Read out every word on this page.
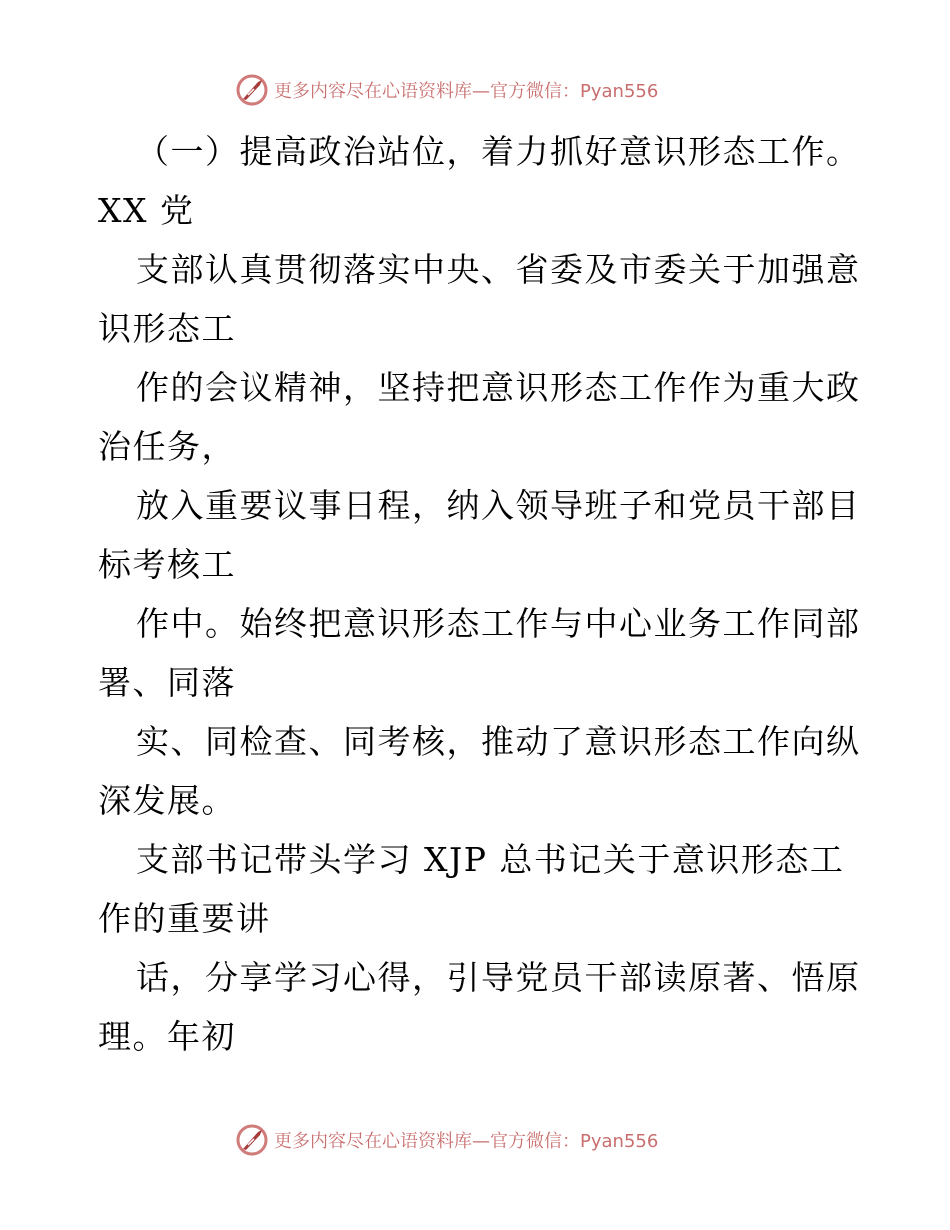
更多内容尽在心语资料库—官方微信：Pyan556
（一）提高政治站位，着力抓好意识形态工作。
XX 党
支部认真贯彻落实中央、省委及市委关于加强意
识形态工
作的会议精神，坚持把意识形态工作作为重大政
治任务，
放入重要议事日程，纳入领导班子和党员干部目
标考核工
作中。始终把意识形态工作与中心业务工作同部
署、同落
实、同检查、同考核，推动了意识形态工作向纵
深发展。
支部书记带头学习 XJP 总书记关于意识形态工
作的重要讲
话，分享学习心得，引导党员干部读原著、悟原
理。年初
更多内容尽在心语资料库—官方微信：Pyan556
